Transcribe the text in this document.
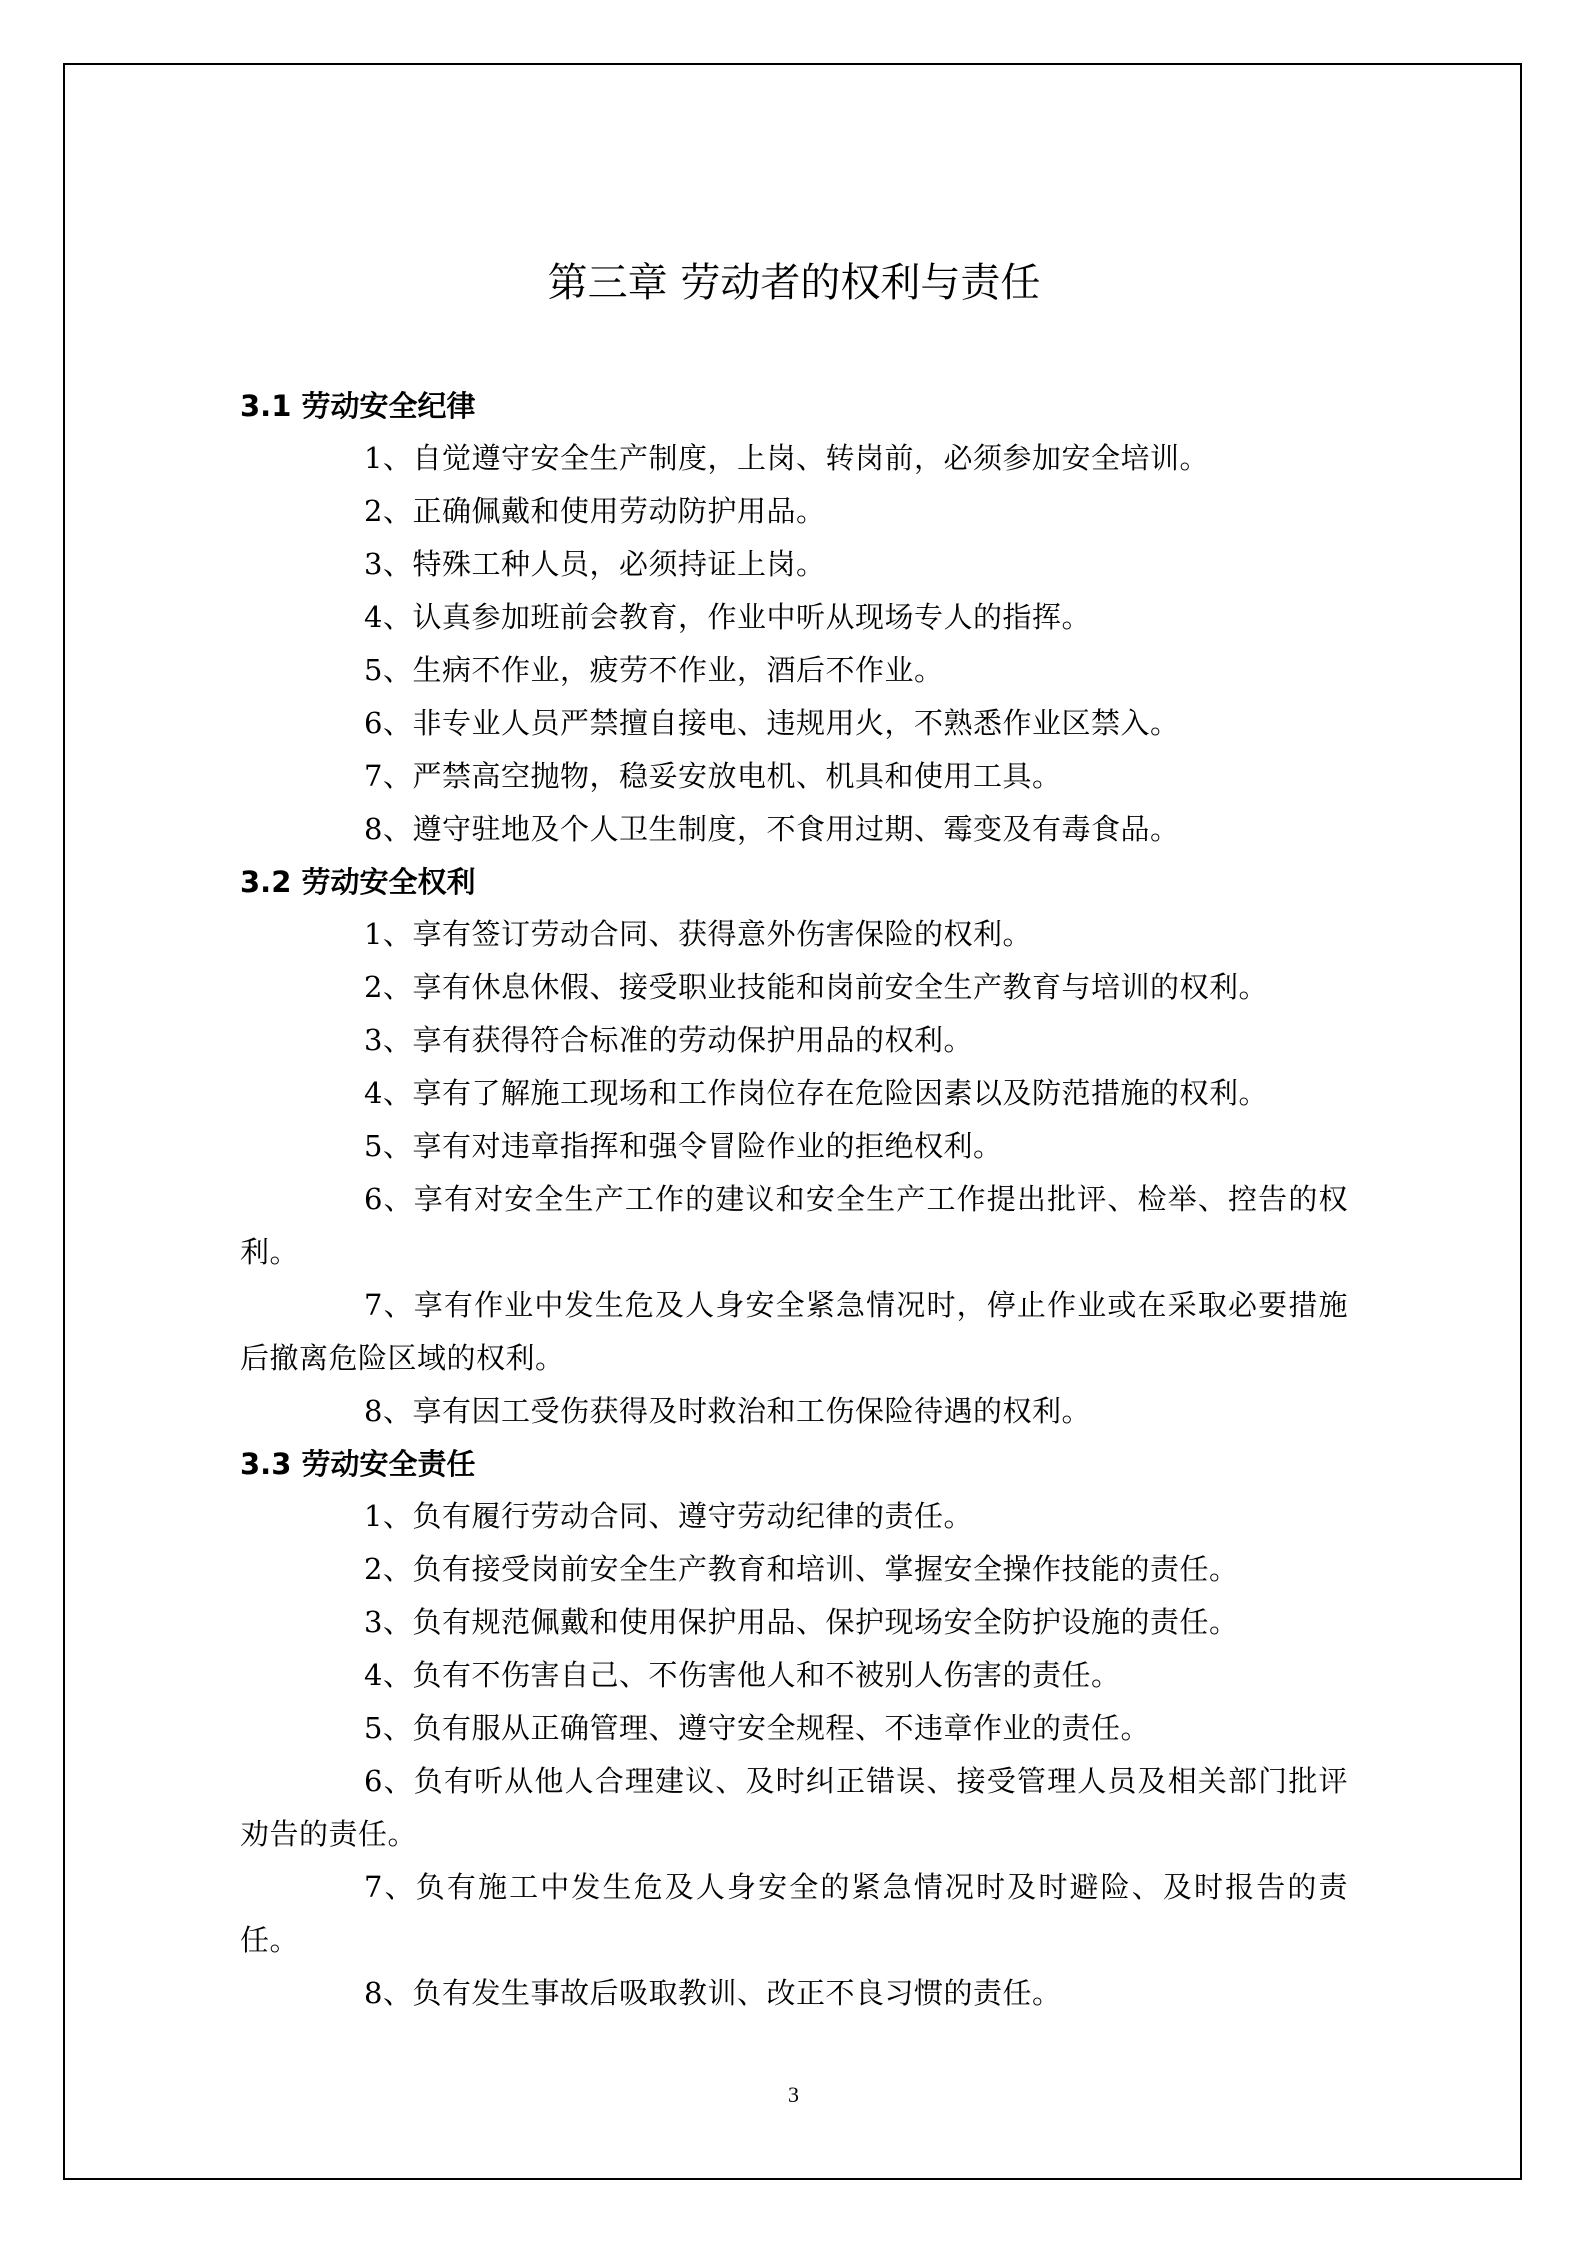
第三章 劳动者的权利与责任
3.1 劳动安全纪律

1、自觉遵守安全生产制度，上岗、转岗前，必须参加安全培训。

2、正确佩戴和使用劳动防护用品。

3、特殊工种人员，必须持证上岗。

4、认真参加班前会教育，作业中听从现场专人的指挥。

5、生病不作业，疲劳不作业，酒后不作业。

6、非专业人员严禁擅自接电、违规用火，不熟悉作业区禁入。

7、严禁高空抛物，稳妥安放电机、机具和使用工具。

8、遵守驻地及个人卫生制度，不食用过期、霉变及有毒食品。

3.2 劳动安全权利

1、享有签订劳动合同、获得意外伤害保险的权利。

2、享有休息休假、接受职业技能和岗前安全生产教育与培训的权利。

3、享有获得符合标准的劳动保护用品的权利。

4、享有了解施工现场和工作岗位存在危险因素以及防范措施的权利。

5、享有对违章指挥和强令冒险作业的拒绝权利。

6、享有对安全生产工作的建议和安全生产工作提出批评、检举、控告的权利。

7、享有作业中发生危及人身安全紧急情况时，停止作业或在采取必要措施后撤离危险区域的权利。

8、享有因工受伤获得及时救治和工伤保险待遇的权利。

3.3 劳动安全责任

1、负有履行劳动合同、遵守劳动纪律的责任。

2、负有接受岗前安全生产教育和培训、掌握安全操作技能的责任。

3、负有规范佩戴和使用保护用品、保护现场安全防护设施的责任。

4、负有不伤害自己、不伤害他人和不被别人伤害的责任。

5、负有服从正确管理、遵守安全规程、不违章作业的责任。

6、负有听从他人合理建议、及时纠正错误、接受管理人员及相关部门批评劝告的责任。

7、负有施工中发生危及人身安全的紧急情况时及时避险、及时报告的责任。

8、负有发生事故后吸取教训、改正不良习惯的责任。

3
